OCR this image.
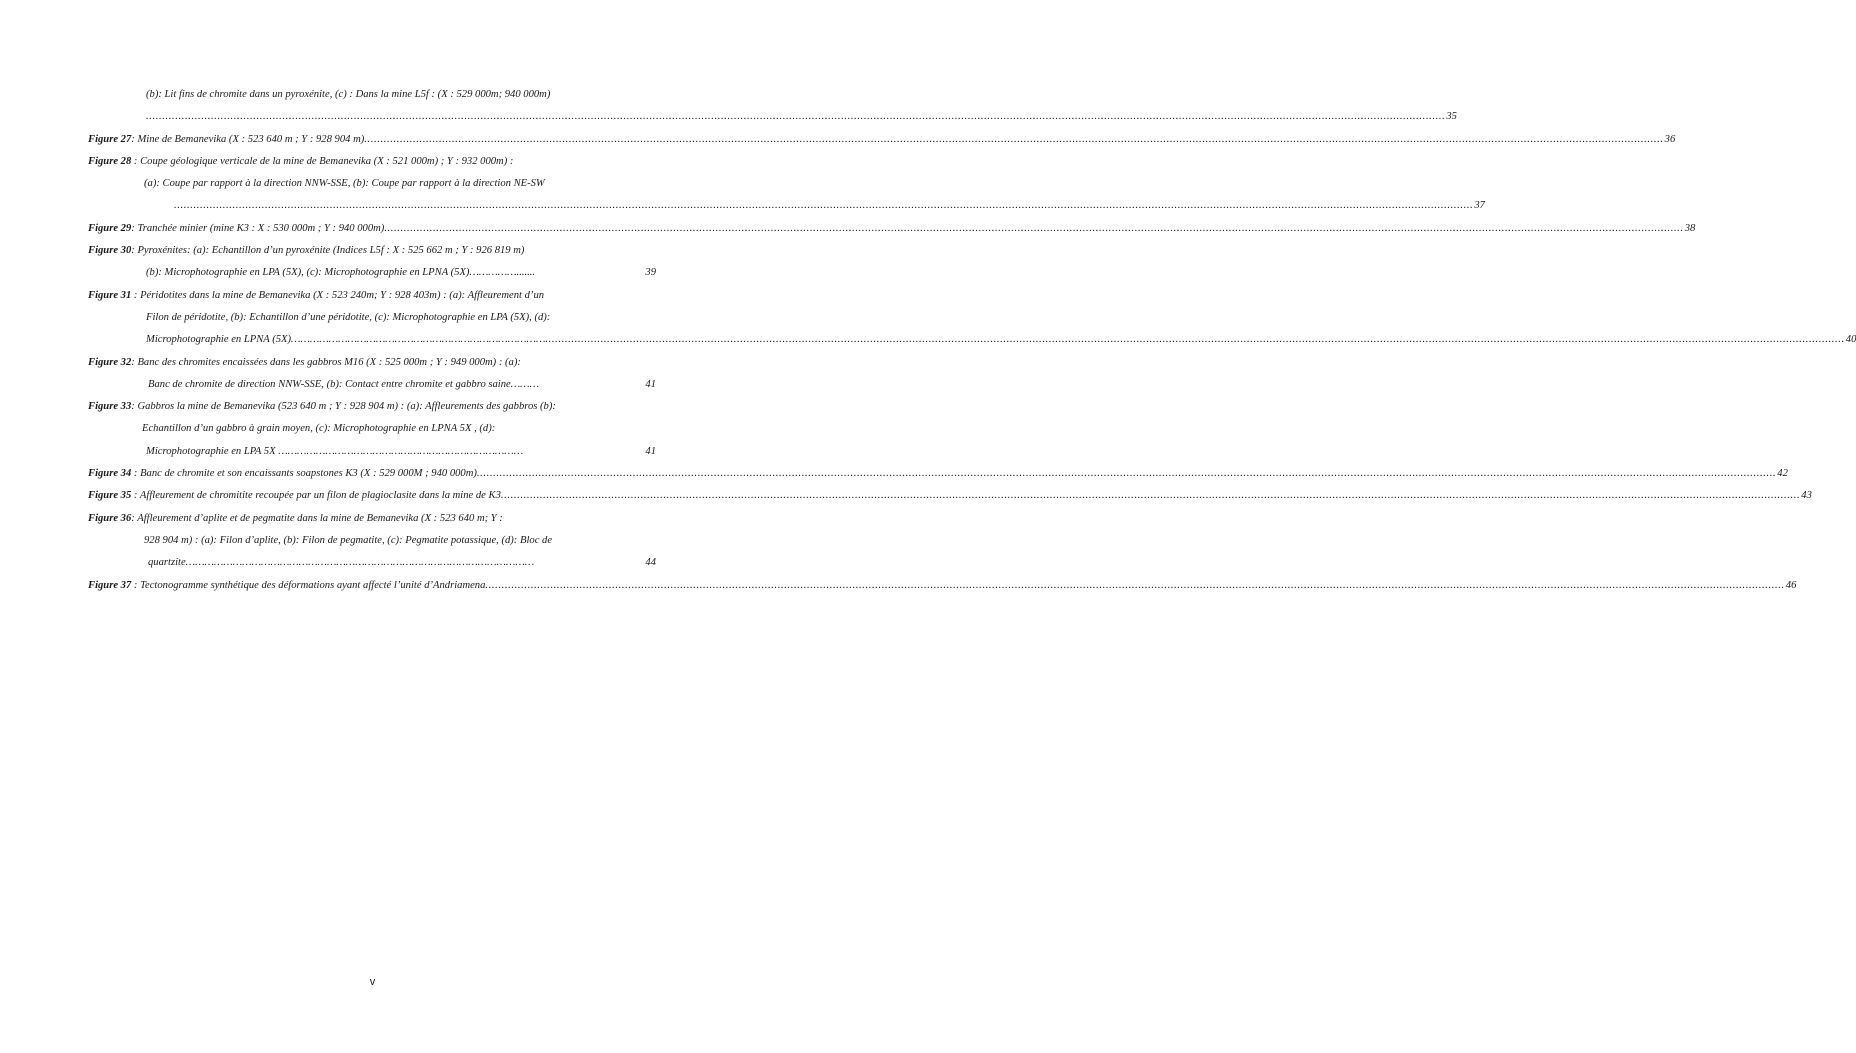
(b): Lit fins de chromite dans un pyroxénite, (c) : Dans la mine L5f : (X : 529 000m; 940 000m)
................................................................................................................................................................................................................................................................................................................................................................................................................ 35
Figure 27: Mine de Bemanevika (X : 523 640 m ; Y : 928 904 m) ................................................................................................................................................................................................................................................................................................................................................................................................................ 36
Figure 28 : Coupe géologique verticale de la mine de Bemanevika (X : 521 000m) ; Y : 932 000m) :
(a): Coupe par rapport à la direction NNW-SSE, (b): Coupe par rapport à la direction NE-SW
................................................................................................................................................................................................................................................................................................................................................................................................................ 37
Figure 29: Tranchée minier (mine K3 : X : 530 000m ; Y : 940 000m) ................................................................................................................................................................................................................................................................................................................................................................................................................ 38
Figure 30: Pyroxénites: (a): Echantillon d’un pyroxénite (Indices L5f : X : 525 662 m ; Y : 926 819 m)
(b): Microphotographie en LPA (5X), (c): Microphotographie en LPNA (5X)…………….......	39
Figure 31 : Péridotites dans la mine de Bemanevika (X : 523 240m; Y : 928 403m) : (a): Affleurement d’un
Filon de péridotite, (b): Echantillon d’une péridotite, (c): Microphotographie en LPA (5X), (d):
Microphotographie en LPNA (5X)……………………………………………………………………… ................................................................................................................................................................................................................................................................................................................................................................................................................ 40
Figure 32: Banc des chromites encaissées dans les gabbros M16 (X : 525 000m ; Y : 949 000m) : (a):
Banc de chromite de direction NNW-SSE, (b): Contact entre chromite et gabbro saine………	41
Figure 33: Gabbros la mine de Bemanevika (523 640 m ; Y : 928 904 m) : (a): Affleurements des gabbros (b):
Echantillon d’un gabbro à grain moyen, (c): Microphotographie en LPNA 5X , (d):
Microphotographie en LPA 5X ……………………………………………………………………	41
Figure 34 : Banc de chromite et son encaissants soapstones K3 (X : 529 000M ; 940 000m) ................................................................................................................................................................................................................................................................................................................................................................................................................ 42
Figure 35 : Affleurement de chromitite recoupée par un filon de plagioclasite dans la mine de K3 ................................................................................................................................................................................................................................................................................................................................................................................................................ 43
Figure 36: Affleurement d’aplite et de pegmatite dans la mine de Bemanevika (X : 523 640 m; Y :
928 904 m) : (a): Filon d’aplite, (b): Filon de pegmatite, (c): Pegmatite potassique, (d): Bloc de
quartzite…………………………………………………………………………………………………	44
Figure 37 : Tectonogramme synthétique des déformations ayant affecté l’unité d’Andriamena ................................................................................................................................................................................................................................................................................................................................................................................................................ 46
v
